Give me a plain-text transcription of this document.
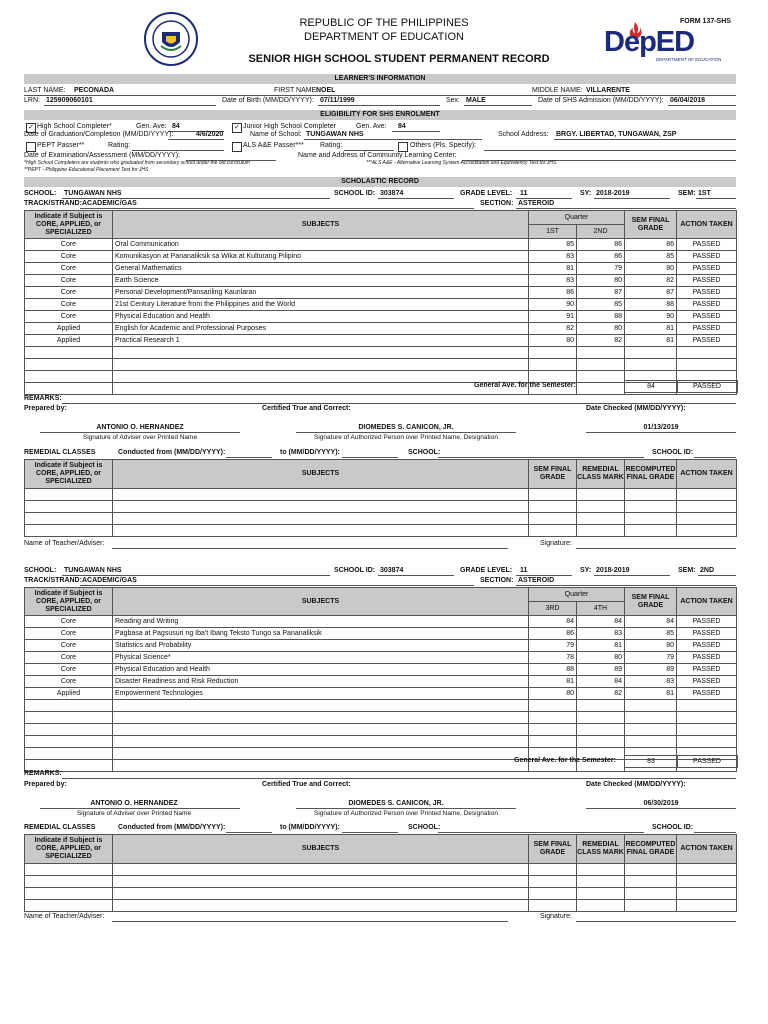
REPUBLIC OF THE PHILIPPINES
DEPARTMENT OF EDUCATION
SENIOR HIGH SCHOOL STUDENT PERMANENT RECORD
FORM 137-SHS
DepED
DEPARTMENT OF EDUCATION
LEARNER'S INFORMATION
LAST NAME: PECONADA	FIRST NAME:
NOEL	MIDDLE NAME: VILLARENTE
LRN: 125909060101	Date of Birth (MM/DD/YYYY): 07/11/1999	Sex: MALE	Date of SHS Admission (MM/DD/YYYY): 06/04/2018
ELIGIBILITY FOR SHS ENROLMENT
✓ High School Completer*	Gen. Ave: 84	✓ Junior High School Completer	Gen. Ave: 84
Date of Graduation/Completion (MM/DD/YYYY):	4/6/2020	Name of School: TUNGAWAN NHS	School Address: BRGY. LIBERTAD, TUNGAWAN, ZSP
PEPT Passer**	Rating:	ALS A&E Passer*** Rating:	Others (Pls. Specify):
Date of Examination/Assessment (MM/DD/YYYY):	Name and Address of Community Learning Center:
*High School Completers are students who graduated from secondary school under the old curriculum	***ALS A&E - Alternative Learning System Accreditation and Equivalency Test for JHS
**PEPT - Philippine Educational Placement Test for JHS
SCHOLASTIC RECORD
SCHOOL: TUNGAWAN NHS	SCHOOL ID: 303874	GRADE LEVEL: 11	SY: 2018-2019	SEM: 1ST
TRACK/STRAND: ACADEMIC/GAS	SECTION: ASTEROID
Indicate if Subject is CORE, APPLIED, or SPECIALIZED	SUBJECTS	Quarter		SEM FINAL GRADE	ACTION TAKEN
		1ST	2ND		
Core	Oral Communication	85	86	86	PASSED
Core	Komunikasyon at Pananaliksik sa Wika at Kulturang Pilipino	83	86	85	PASSED
Core	General Mathematics	81	79	80	PASSED
Core	Earth Science	83	80	82	PASSED
Core	Personal Development/Pansariling Kaunlaran	86	87	87	PASSED
Core	21st Century Literature from the Philippines and the World	90	85	88	PASSED
Core	Physical Education and Health	91	88	90	PASSED
Applied	English for Academic and Professional Purposes	82	80	81	PASSED
Applied	Practical Research 1	80	82	81	PASSED

General Ave. for the Semester:	84	PASSED
REMARKS:
Prepared by:	Certified True and Correct:	Date Checked (MM/DD/YYYY):
ANTONIO O. HERNANDEZ	DIOMEDES S. CANICON, JR.	01/13/2019
Signature of Adviser over Printed Name	Signature of Authorized Person over Printed Name, Designation
REMEDIAL CLASSES	Conducted from (MM/DD/YYYY):	to (MM/DD/YYYY):	SCHOOL:	SCHOOL ID:
Indicate if Subject is CORE, APPLIED, or SPECIALIZED	SUBJECTS	SEM FINAL GRADE	REMEDIAL CLASS MARK	RECOMPUTED FINAL GRADE	ACTION TAKEN

Name of Teacher/Adviser:	Signature:
SCHOOL: TUNGAWAN NHS	SCHOOL ID: 303874	GRADE LEVEL: 11	SY: 2018-2019	SEM: 2ND
TRACK/STRAND: ACADEMIC/GAS	SECTION: ASTEROID
Indicate if Subject is CORE, APPLIED, or SPECIALIZED	SUBJECTS	Quarter		SEM FINAL GRADE	ACTION TAKEN
		3RD	4TH		
Core	Reading and Writing	84	84	84	PASSED
Core	Pagbasa at Pagsusuri ng Iba't Ibang Teksto Tungo sa Pananaliksik	86	83	85	PASSED
Core	Statistics and Probability	79	81	80	PASSED
Core	Physical Science*	78	80	79	PASSED
Core	Physical Education and Health	88	89	89	PASSED
Core	Disaster Readiness and Risk Reduction	81	84	83	PASSED
Applied	Empowerment Technologies	80	82	81	PASSED

General Ave. for the Semester:	83	PASSED
REMARKS:
Prepared by:	Certified True and Correct:	Date Checked (MM/DD/YYYY):
ANTONIO O. HERNANDEZ	DIOMEDES S. CANICON, JR.	06/30/2019
Signature of Adviser over Printed Name	Signature of Authorized Person over Printed Name, Designation
REMEDIAL CLASSES	Conducted from (MM/DD/YYYY):	to (MM/DD/YYYY):	SCHOOL:	SCHOOL ID:
Indicate if Subject is CORE, APPLIED, or SPECIALIZED	SUBJECTS	SEM FINAL GRADE	REMEDIAL CLASS MARK	RECOMPUTED FINAL GRADE	ACTION TAKEN

Name of Teacher/Adviser:	Signature:
